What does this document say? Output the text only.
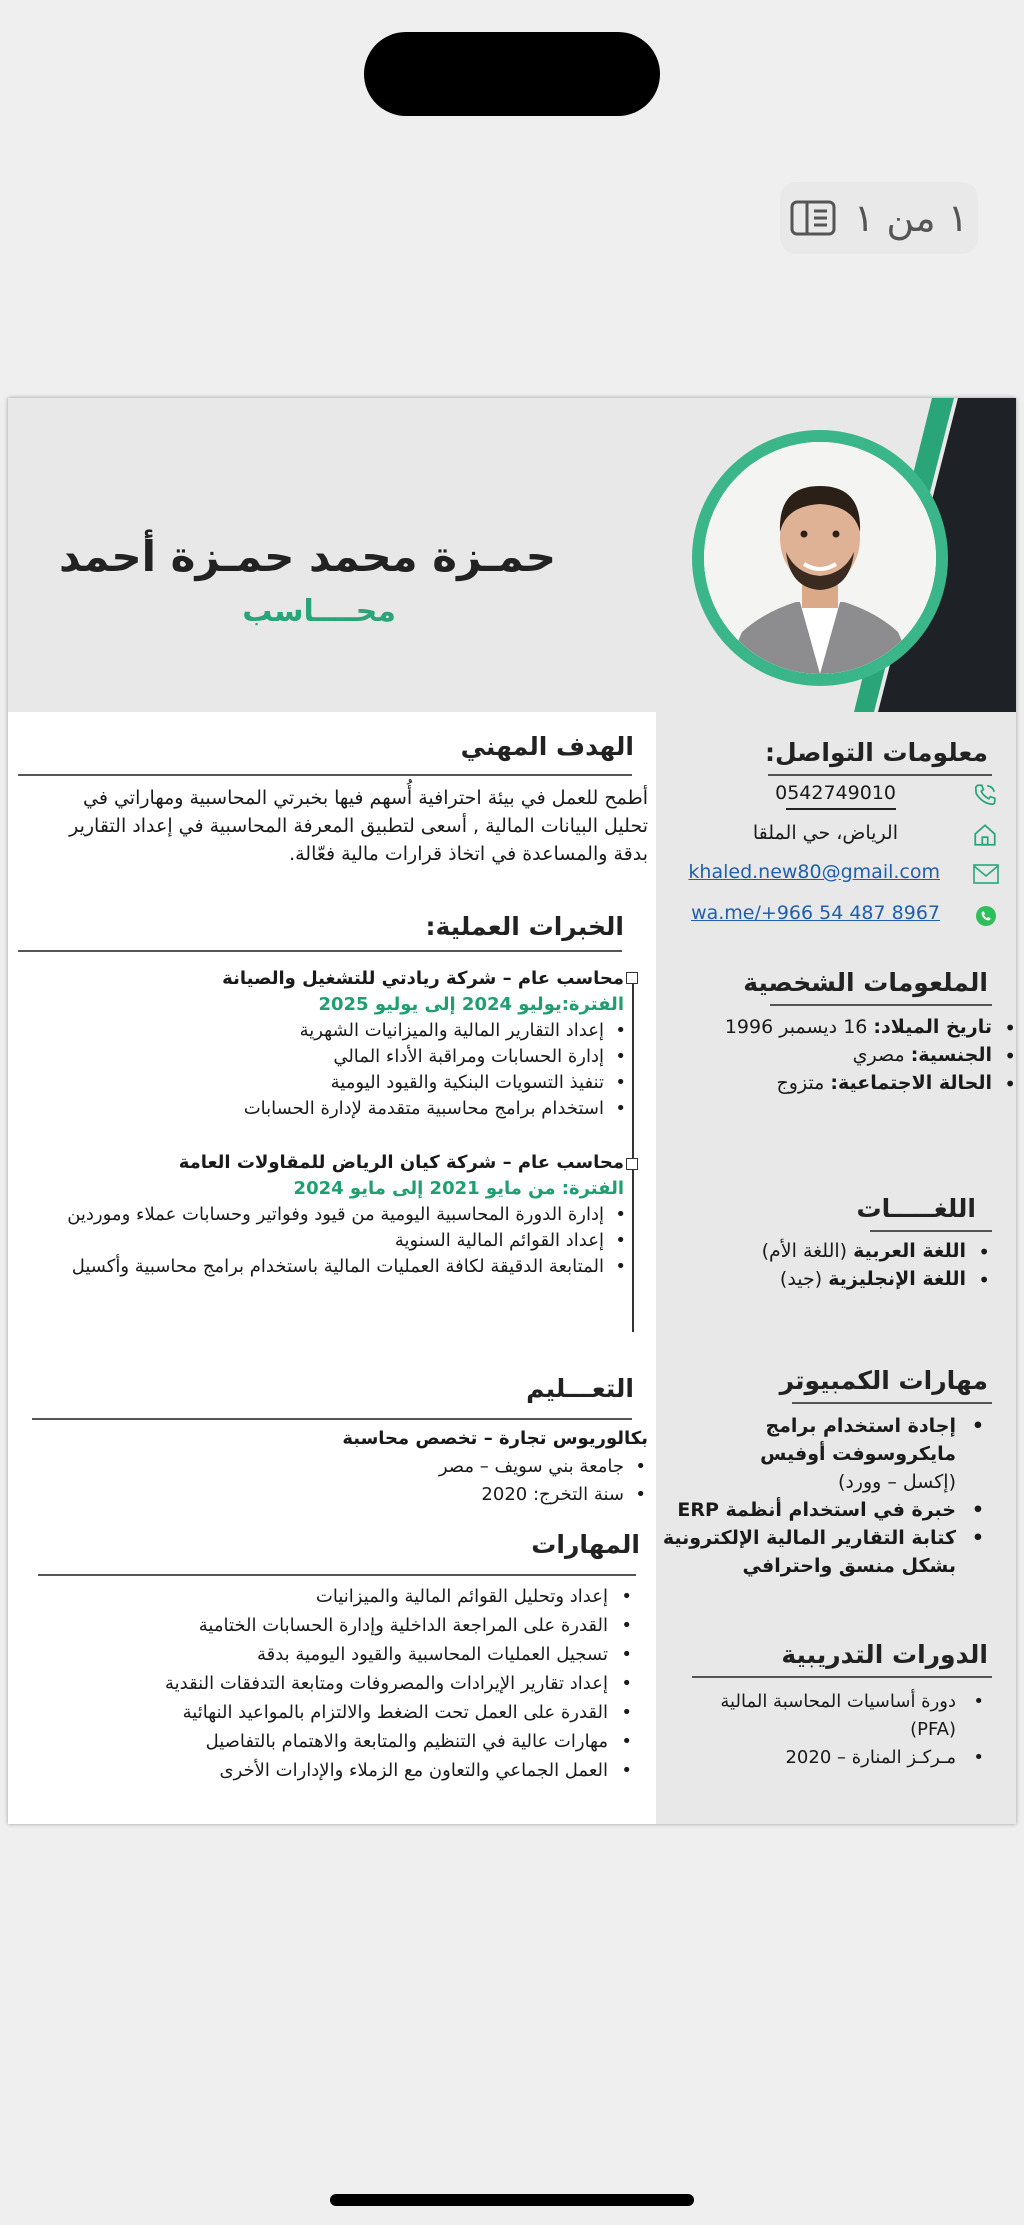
١ من ١
حمـزة محمد حمـزة أحمد
محــــاسب
معلومات التواصل:
0542749010
الرياض، حي الملقا
khaled.new80@gmail.com
wa.me/+966 54 487 8967
الملعومات الشخصية
• تاريخ الميلاد: 16 ديسمبر 1996
• الجنسية: مصري
• الحالة الاجتماعية: متزوج
اللغـــــات
• اللغة العربية (اللغة الأم)
• اللغة الإنجليزية (جيد)
مهارات الكمبيوتر
•
إجادة استخدام برامج
مايكروسوفت أوفيس
(إكسل – وورد)
•
خبرة في استخدام أنظمة ERP
•
كتابة التقارير المالية الإلكترونية
بشكل منسق واحترافي
الدورات التدريبية
•
دورة أساسيات المحاسبة المالية
(PFA)
•
مـركـز المنارة – 2020
الهدف المهني
أطمح للعمل في بيئة احترافية أُسهم فيها بخبرتي المحاسبية ومهاراتي في تحليل البيانات المالية , أسعى لتطبيق المعرفة المحاسبية في إعداد التقارير بدقة والمساعدة في اتخاذ قرارات مالية فعّالة.
الخبرات العملية:
محاسب عام – شركة ريادتي للتشغيل والصيانة
الفترة:يوليو 2024 إلى يوليو 2025
• إعداد التقارير المالية والميزانيات الشهرية
• إدارة الحسابات ومراقبة الأداء المالي
• تنفيذ التسويات البنكية والقيود اليومية
• استخدام برامج محاسبية متقدمة لإدارة الحسابات
محاسب عام – شركة كيان الرياض للمقاولات العامة
الفترة: من مايو 2021 إلى مايو 2024
• إدارة الدورة المحاسبية اليومية من قيود وفواتير وحسابات عملاء وموردين
• إعداد القوائم المالية السنوية
• المتابعة الدقيقة لكافة العمليات المالية باستخدام برامج محاسبية وأكسيل
التعـــليم
بكالوريوس تجارة – تخصص محاسبة
• جامعة بني سويف – مصر
• سنة التخرج: 2020
المهارات
• إعداد وتحليل القوائم المالية والميزانيات
• القدرة على المراجعة الداخلية وإدارة الحسابات الختامية
• تسجيل العمليات المحاسبية والقيود اليومية بدقة
• إعداد تقارير الإيرادات والمصروفات ومتابعة التدفقات النقدية
• القدرة على العمل تحت الضغط والالتزام بالمواعيد النهائية
• مهارات عالية في التنظيم والمتابعة والاهتمام بالتفاصيل
• العمل الجماعي والتعاون مع الزملاء والإدارات الأخرى
